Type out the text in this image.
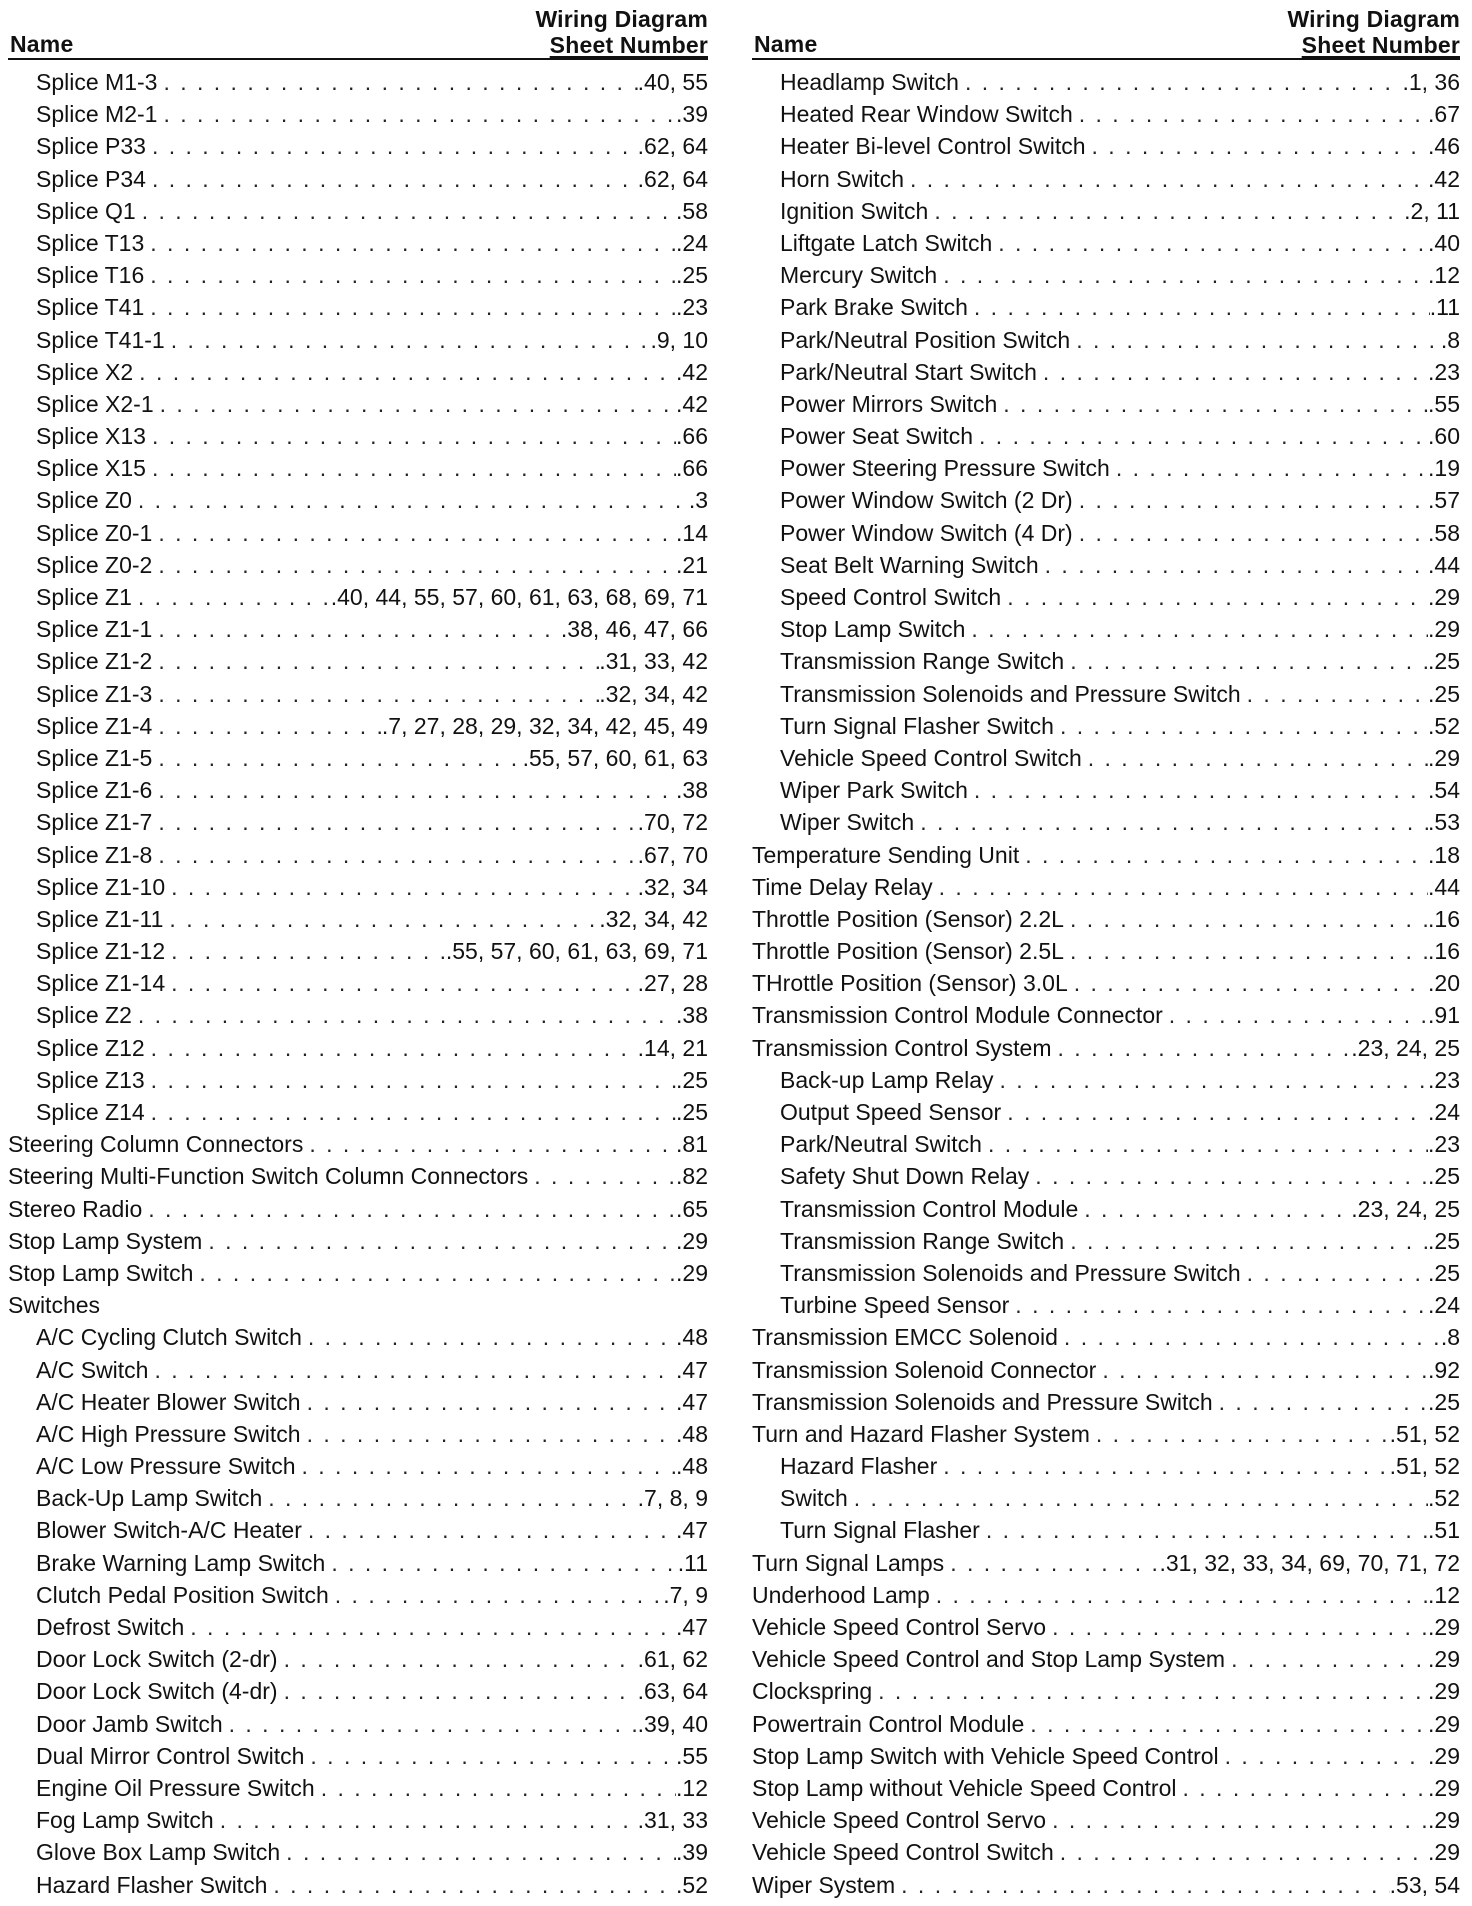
Name
Wiring Diagram
Sheet Number
Splice M1-3 . . .	.40, 55
Splice M2-1 . . .	.39
Splice P33 . . .	.62, 64
Splice P34 . . .	.62, 64
Splice Q1 . . .	.58
Splice T13 . . .	.24
Splice T16 . . .	.25
Splice T41 . . .	.23
Splice T41-1 . . .	.9, 10
Splice X2 . . .	.42
Splice X2-1 . . .	.42
Splice X13 . . .	.66
Splice X15 . . .	.66
Splice Z0 . . .	.3
Splice Z0-1 . . .	.14
Splice Z0-2 . . .	.21
Splice Z1 . . .	.40, 44, 55, 57, 60, 61, 63, 68, 69, 71
Splice Z1-1 . . .	.38, 46, 47, 66
Splice Z1-2 . . .	.31, 33, 42
Splice Z1-3 . . .	.32, 34, 42
Splice Z1-4 . . .	.7, 27, 28, 29, 32, 34, 42, 45, 49
Splice Z1-5 . . .	.55, 57, 60, 61, 63
Splice Z1-6 . . .	.38
Splice Z1-7 . . .	.70, 72
Splice Z1-8 . . .	.67, 70
Splice Z1-10 . . .	.32, 34
Splice Z1-11 . . .	.32, 34, 42
Splice Z1-12 . . .	.55, 57, 60, 61, 63, 69, 71
Splice Z1-14 . . .	.27, 28
Splice Z2 . . .	.38
Splice Z12 . . .	.14, 21
Splice Z13 . . .	.25
Splice Z14 . . .	.25
Steering Column Connectors . . .	.81
Steering Multi-Function Switch Column Connectors . . .	.82
Stereo Radio . . .	.65
Stop Lamp System . . .	.29
Stop Lamp Switch . . .	.29
Switches
A/C Cycling Clutch Switch . . .	.48
A/C Switch . . .	.47
A/C Heater Blower Switch . . .	.47
A/C High Pressure Switch . . .	.48
A/C Low Pressure Switch . . .	.48
Back-Up Lamp Switch . . .	.7, 8, 9
Blower Switch-A/C Heater . . .	.47
Brake Warning Lamp Switch . . .	.11
Clutch Pedal Position Switch . . .	.7, 9
Defrost Switch . . .	.47
Door Lock Switch (2-dr) . . .	.61, 62
Door Lock Switch (4-dr) . . .	.63, 64
Door Jamb Switch . . .	.39, 40
Dual Mirror Control Switch . . .	.55
Engine Oil Pressure Switch . . .	.12
Fog Lamp Switch . . .	.31, 33
Glove Box Lamp Switch . . .	.39
Hazard Flasher Switch . . .	.52
Name
Wiring Diagram
Sheet Number
Headlamp Switch . . .	.1, 36
Heated Rear Window Switch . . .	.67
Heater Bi-level Control Switch . . .	.46
Horn Switch . . .	.42
Ignition Switch . . .	.2, 11
Liftgate Latch Switch . . .	.40
Mercury Switch . . .	.12
Park Brake Switch . . .	.11
Park/Neutral Position Switch . . .	.8
Park/Neutral Start Switch . . .	.23
Power Mirrors Switch . . .	.55
Power Seat Switch . . .	.60
Power Steering Pressure Switch . . .	.19
Power Window Switch (2 Dr) . . .	.57
Power Window Switch (4 Dr) . . .	.58
Seat Belt Warning Switch . . .	.44
Speed Control Switch . . .	.29
Stop Lamp Switch . . .	.29
Transmission Range Switch . . .	.25
Transmission Solenoids and Pressure Switch . . .	.25
Turn Signal Flasher Switch . . .	.52
Vehicle Speed Control Switch . . .	.29
Wiper Park Switch . . .	.54
Wiper Switch . . .	.53
Temperature Sending Unit . . .	.18
Time Delay Relay . . .	.44
Throttle Position (Sensor) 2.2L . . .	.16
Throttle Position (Sensor) 2.5L . . .	.16
THrottle Position (Sensor) 3.0L . . .	.20
Transmission Control Module Connector . . .	.91
Transmission Control System . . .	.23, 24, 25
Back-up Lamp Relay . . .	.23
Output Speed Sensor . . .	.24
Park/Neutral Switch . . .	.23
Safety Shut Down Relay . . .	.25
Transmission Control Module . . .	.23, 24, 25
Transmission Range Switch . . .	.25
Transmission Solenoids and Pressure Switch . . .	.25
Turbine Speed Sensor . . .	.24
Transmission EMCC Solenoid . . .	.8
Transmission Solenoid Connector . . .	.92
Transmission Solenoids and Pressure Switch . . .	.25
Turn and Hazard Flasher System . . .	.51, 52
Hazard Flasher . . .	.51, 52
Switch . . .	.52
Turn Signal Flasher . . .	.51
Turn Signal Lamps . . .	.31, 32, 33, 34, 69, 70, 71, 72
Underhood Lamp . . .	.12
Vehicle Speed Control Servo . . .	.29
Vehicle Speed Control and Stop Lamp System . . .	.29
Clockspring . . .	.29
Powertrain Control Module . . .	.29
Stop Lamp Switch with Vehicle Speed Control . . .	.29
Stop Lamp without Vehicle Speed Control . . .	.29
Vehicle Speed Control Servo . . .	.29
Vehicle Speed Control Switch . . .	.29
Wiper System . . .	.53, 54
